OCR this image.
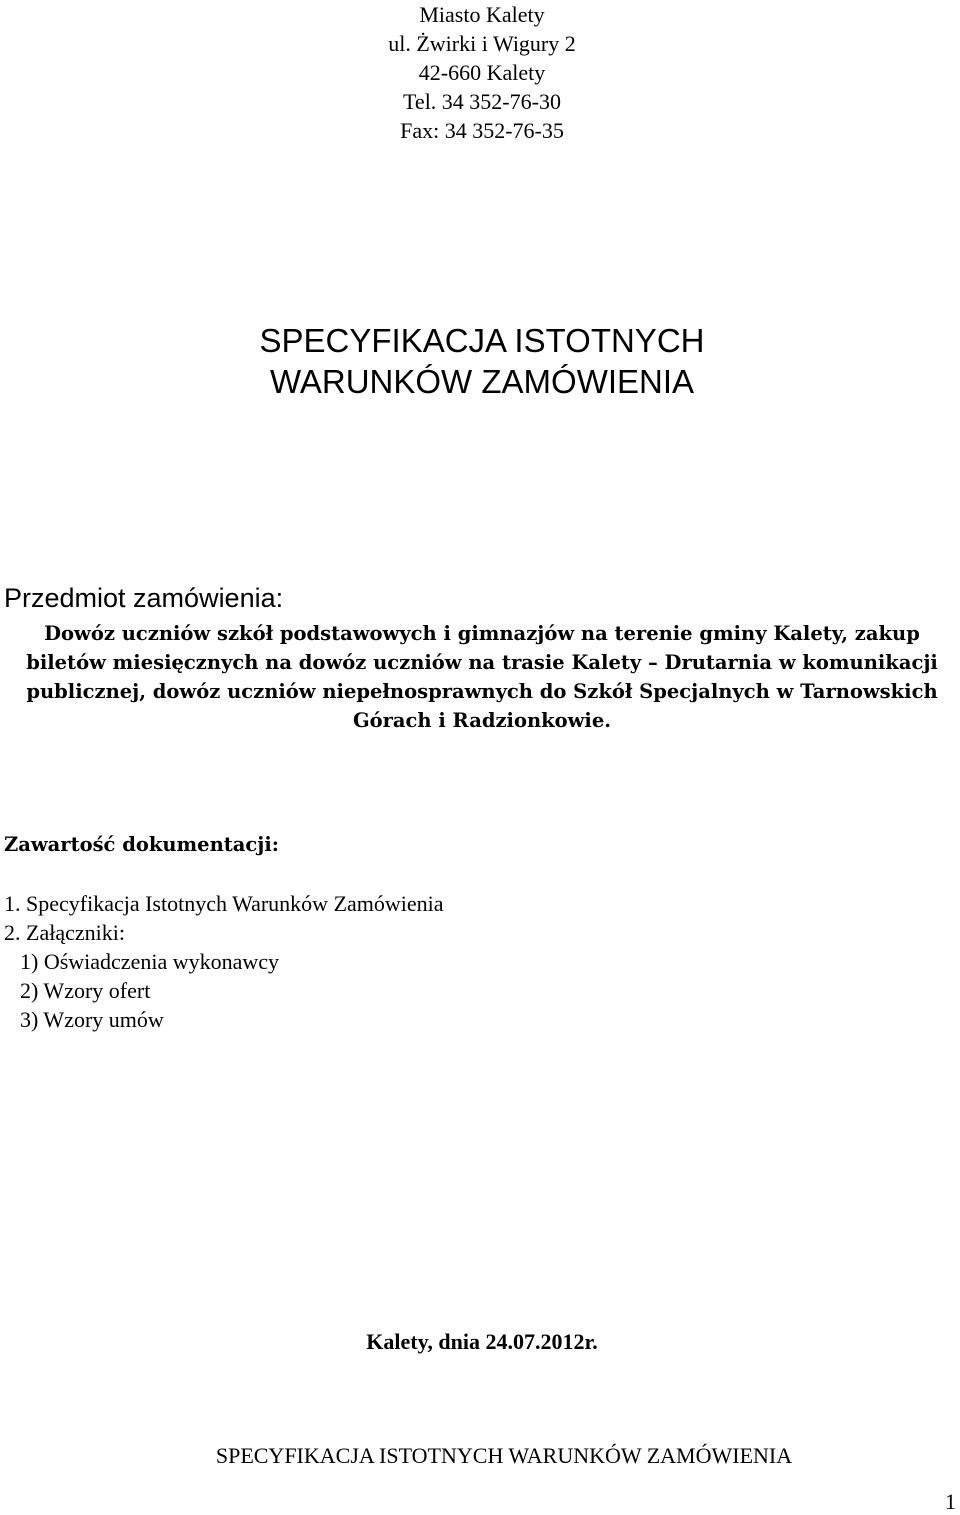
Miasto Kalety
ul. Żwirki i Wigury 2
42-660 Kalety
Tel. 34 352-76-30
Fax: 34 352-76-35
SPECYFIKACJA ISTOTNYCH
WARUNKÓW ZAMÓWIENIA
Przedmiot zamówienia:
Dowóz uczniów szkół podstawowych i gimnazjów na terenie gminy Kalety, zakup
biletów miesięcznych na dowóz uczniów na trasie Kalety – Drutarnia w komunikacji
publicznej, dowóz uczniów niepełnosprawnych do Szkół Specjalnych w Tarnowskich
Górach i Radzionkowie.
Zawartość dokumentacji:
1. Specyfikacja Istotnych Warunków Zamówienia
2. Załączniki:
1) Oświadczenia wykonawcy
2) Wzory ofert
3) Wzory umów
Kalety, dnia 24.07.2012r.
SPECYFIKACJA ISTOTNYCH WARUNKÓW ZAMÓWIENIA
1
